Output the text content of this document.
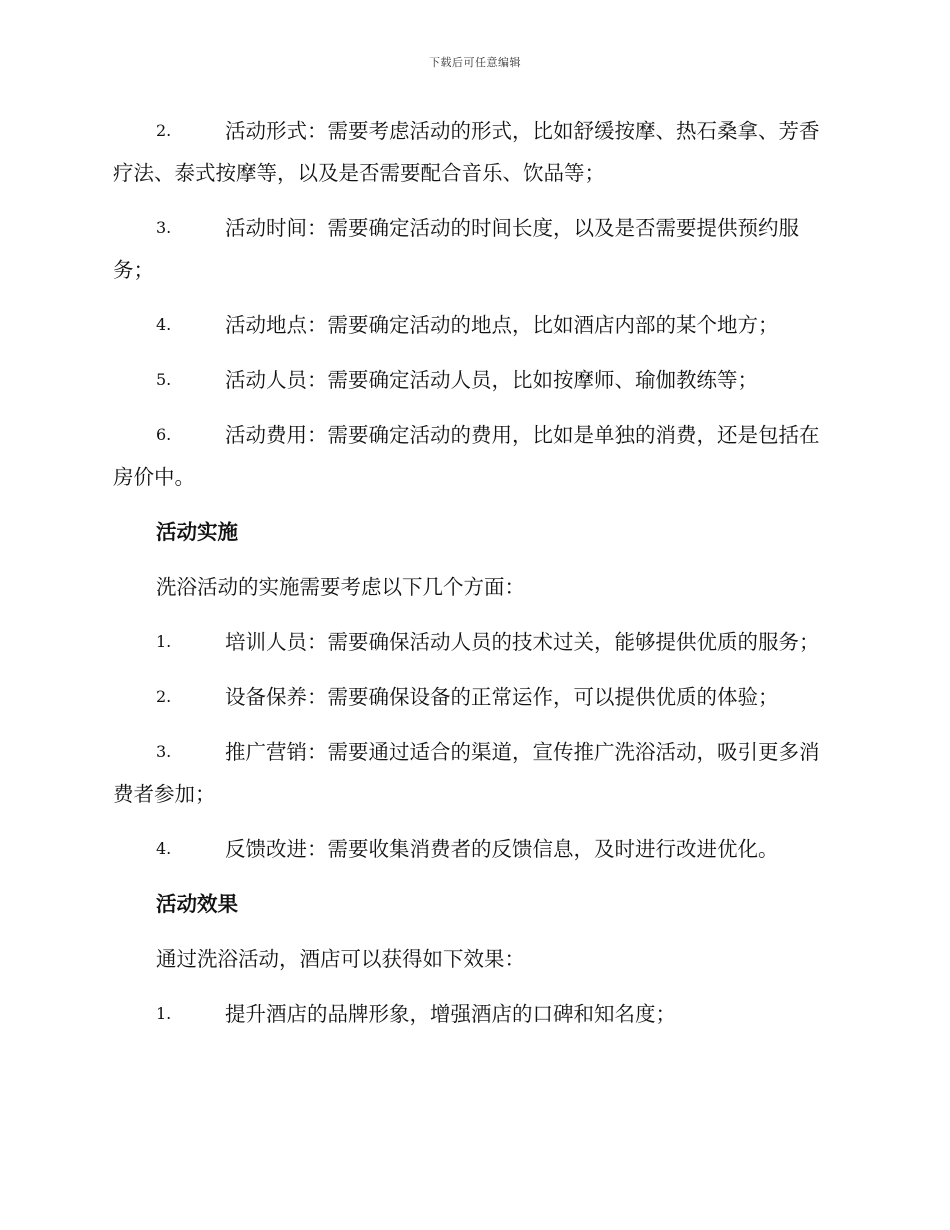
下载后可任意编辑
2.	活动形式：需要考虑活动的形式，比如舒缓按摩、热石桑拿、芳香疗法、泰式按摩等，以及是否需要配合音乐、饮品等；
3.	活动时间：需要确定活动的时间长度，以及是否需要提供预约服务；
4.	活动地点：需要确定活动的地点，比如酒店内部的某个地方；
5.	活动人员：需要确定活动人员，比如按摩师、瑜伽教练等；
6.	活动费用：需要确定活动的费用，比如是单独的消费，还是包括在房价中。
活动实施
洗浴活动的实施需要考虑以下几个方面：
1.	培训人员：需要确保活动人员的技术过关，能够提供优质的服务；
2.	设备保养：需要确保设备的正常运作，可以提供优质的体验；
3.	推广营销：需要通过适合的渠道，宣传推广洗浴活动，吸引更多消费者参加；
4.	反馈改进：需要收集消费者的反馈信息，及时进行改进优化。
活动效果
通过洗浴活动，酒店可以获得如下效果：
1.	提升酒店的品牌形象，增强酒店的口碑和知名度；
